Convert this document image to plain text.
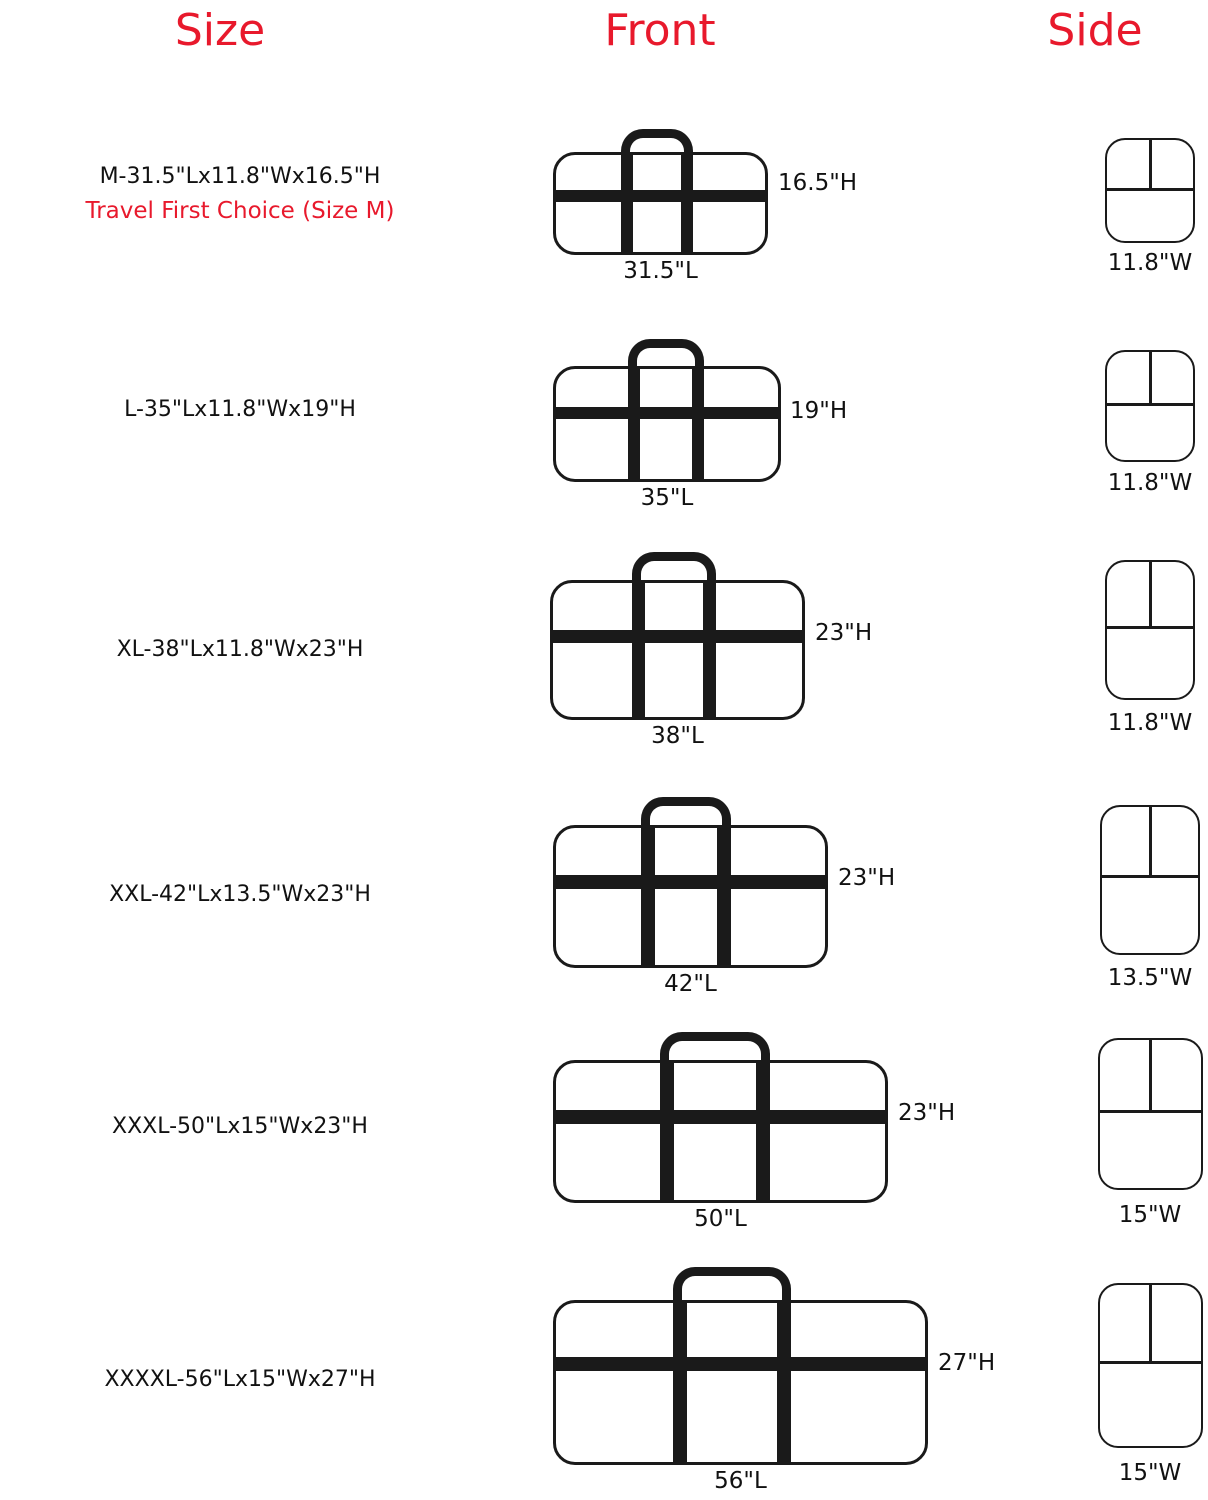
Size	Front	Side
M-31.5"Lx11.8"Wx16.5"H
Travel First Choice (Size M)
31.5"L
16.5"H
11.8"W
L-35"Lx11.8"Wx19"H
35"L
19"H
11.8"W
XL-38"Lx11.8"Wx23"H
38"L
23"H
11.8"W
XXL-42"Lx13.5"Wx23"H
42"L
23"H
13.5"W
XXXL-50"Lx15"Wx23"H
50"L
23"H
15"W
XXXXL-56"Lx15"Wx27"H
56"L
27"H
15"W
